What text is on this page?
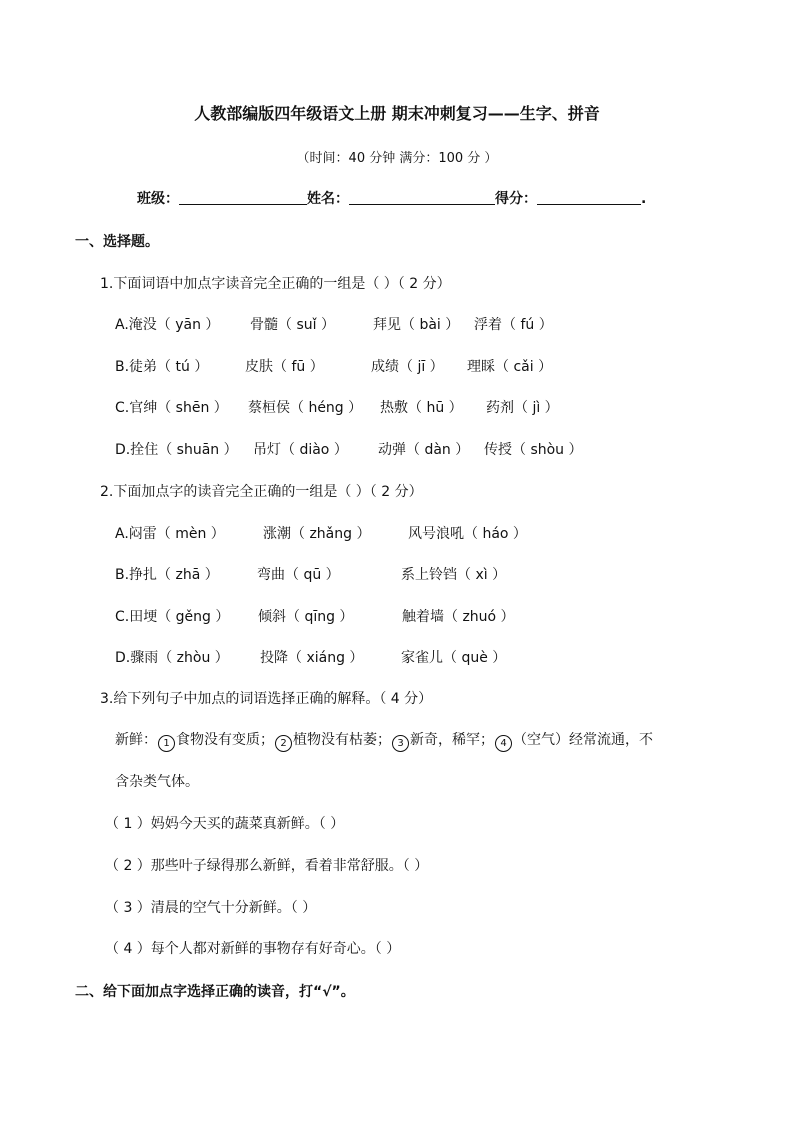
人教部编版四年级语文上册 期末冲刺复习——生字、拼音
（时间：40 分钟 满分：100 分 ）
班级：	姓名：	得分：	.
一、选择题。
1.下面词语中加点字读音完全正确的一组是（ ）（ 2 分）
A.淹没（ yān ） 骨髓（ suǐ ）	拜见（ bài ） 浮着（ fú ）
B.徒弟（ tú ）	皮肤（ fū ）	成绩（ jī ） 理睬（ cǎi ）
C.官绅（ shēn ） 蔡桓侯（ héng ） 热敷（ hū ） 药剂（ jì ）
D.拴住（ shuān ） 吊灯（ diào ） 动弹（ dàn ） 传授（ shòu ）
2.下面加点字的读音完全正确的一组是（ ）（ 2 分）
A.闷雷（ mèn ）	涨潮（ zhǎng ）	风号浪吼（ háo ）
B.挣扎（ zhā ）	弯曲（ qū ）	系上铃铛（ xì ）
C.田埂（ gěng ） 倾斜（ qīng ）	触着墙（ zhuó ）
D.骤雨（ zhòu ） 投降（ xiáng ）	家雀儿（ què ）
3.给下列句子中加点的词语选择正确的解释。（ 4 分）
新鲜： 1 食物没有变质； 2 植物没有枯萎； 3 新奇，稀罕； 4 （空气）经常流通，不
含杂类气体。
（ 1 ）妈妈今天买的蔬菜真新鲜。（ ）
（ 2 ）那些叶子绿得那么新鲜，看着非常舒服。（ ）
（ 3 ）清晨的空气十分新鲜。（ ）
（ 4 ）每个人都对新鲜的事物存有好奇心。（ ）
二、给下面加点字选择正确的读音，打“√”。
